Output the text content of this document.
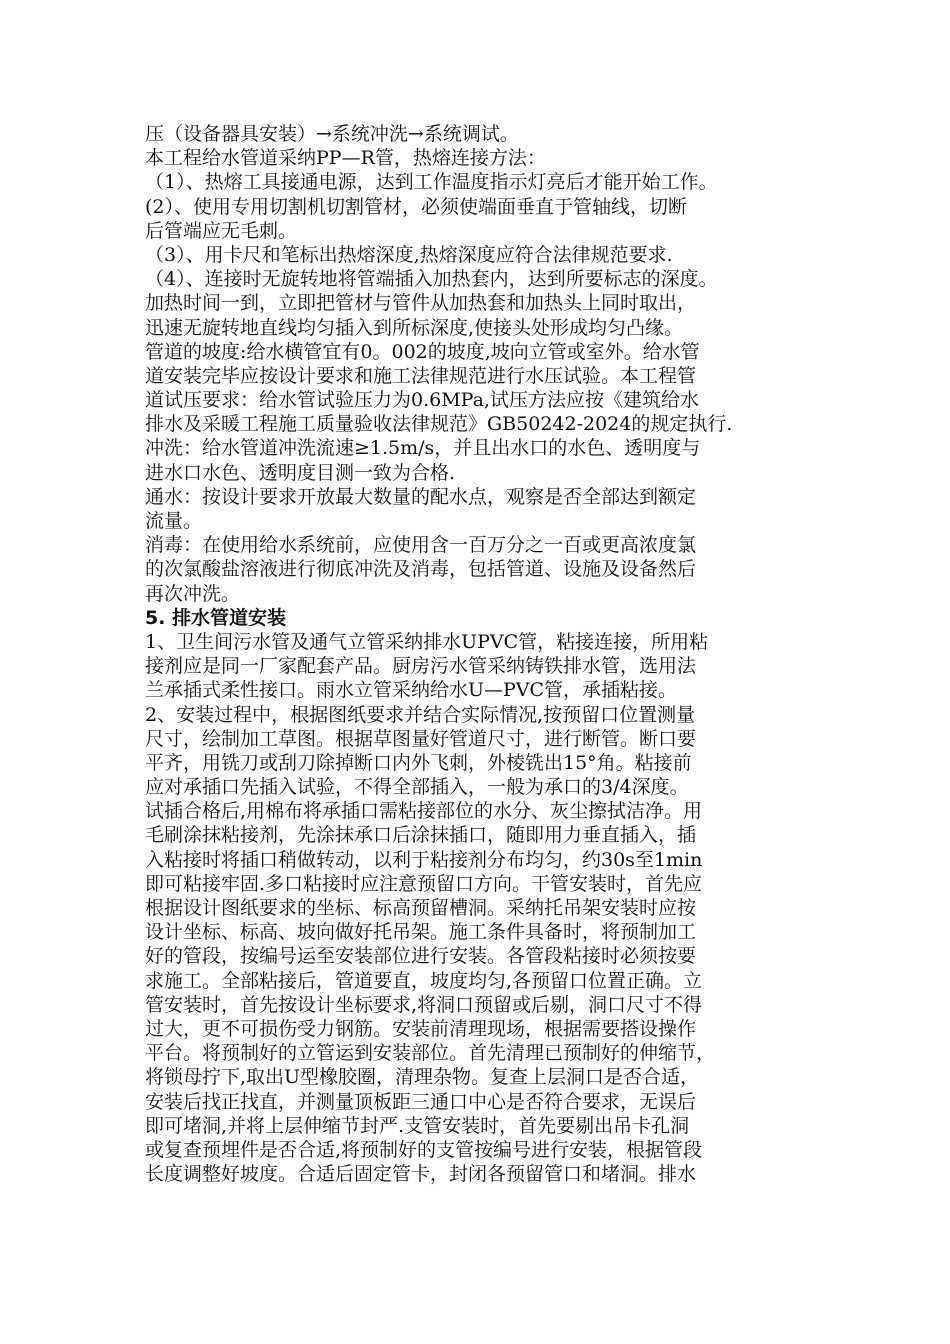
压（设备器具安装）→系统冲洗→系统调试。
本工程给水管道采纳PP—R管，热熔连接方法：
（1）、热熔工具接通电源，达到工作温度指示灯亮后才能开始工作。
(2）、使用专用切割机切割管材，必须使端面垂直于管轴线，切断
后管端应无毛刺。
（3）、用卡尺和笔标出热熔深度,热熔深度应符合法律规范要求.
（4）、连接时无旋转地将管端插入加热套内，达到所要标志的深度。
加热时间一到，立即把管材与管件从加热套和加热头上同时取出，
迅速无旋转地直线均匀插入到所标深度,使接头处形成均匀凸缘。
管道的坡度:给水横管宜有0。002的坡度,坡向立管或室外。给水管
道安装完毕应按设计要求和施工法律规范进行水压试验。本工程管
道试压要求：给水管试验压力为0.6MPa,试压方法应按《建筑给水
排水及采暖工程施工质量验收法律规范》GB50242-2024的规定执行.
冲洗：给水管道冲洗流速≥1.5m/s，并且出水口的水色、透明度与
进水口水色、透明度目测一致为合格.
通水：按设计要求开放最大数量的配水点，观察是否全部达到额定
流量。
消毒：在使用给水系统前，应使用含一百万分之一百或更高浓度氯
的次氯酸盐溶液进行彻底冲洗及消毒，包括管道、设施及设备然后
再次冲洗。
5. 排水管道安装
1、卫生间污水管及通气立管采纳排水UPVC管，粘接连接，所用粘
接剂应是同一厂家配套产品。厨房污水管采纳铸铁排水管，选用法
兰承插式柔性接口。雨水立管采纳给水U—PVC管，承插粘接。
2、安装过程中，根据图纸要求并结合实际情况,按预留口位置测量
尺寸，绘制加工草图。根据草图量好管道尺寸，进行断管。断口要
平齐，用铣刀或刮刀除掉断口内外飞刺，外棱铣出15°角。粘接前
应对承插口先插入试验，不得全部插入，一般为承口的3/4深度。
试插合格后,用棉布将承插口需粘接部位的水分、灰尘擦拭洁净。用
毛刷涂抹粘接剂，先涂抹承口后涂抹插口，随即用力垂直插入，插
入粘接时将插口稍做转动，以利于粘接剂分布均匀，约30s至1min
即可粘接牢固.多口粘接时应注意预留口方向。干管安装时，首先应
根据设计图纸要求的坐标、标高预留槽洞。采纳托吊架安装时应按
设计坐标、标高、坡向做好托吊架。施工条件具备时，将预制加工
好的管段，按编号运至安装部位进行安装。各管段粘接时必须按要
求施工。全部粘接后，管道要直，坡度均匀,各预留口位置正确。立
管安装时，首先按设计坐标要求,将洞口预留或后剔，洞口尺寸不得
过大，更不可损伤受力钢筋。安装前清理现场，根据需要搭设操作
平台。将预制好的立管运到安装部位。首先清理已预制好的伸缩节，
将锁母拧下,取出U型橡胶圈，清理杂物。复查上层洞口是否合适，
安装后找正找直，并测量顶板距三通口中心是否符合要求，无误后
即可堵洞,并将上层伸缩节封严.支管安装时，首先要剔出吊卡孔洞
或复查预埋件是否合适,将预制好的支管按编号进行安装，根据管段
长度调整好坡度。合适后固定管卡，封闭各预留管口和堵洞。排水
